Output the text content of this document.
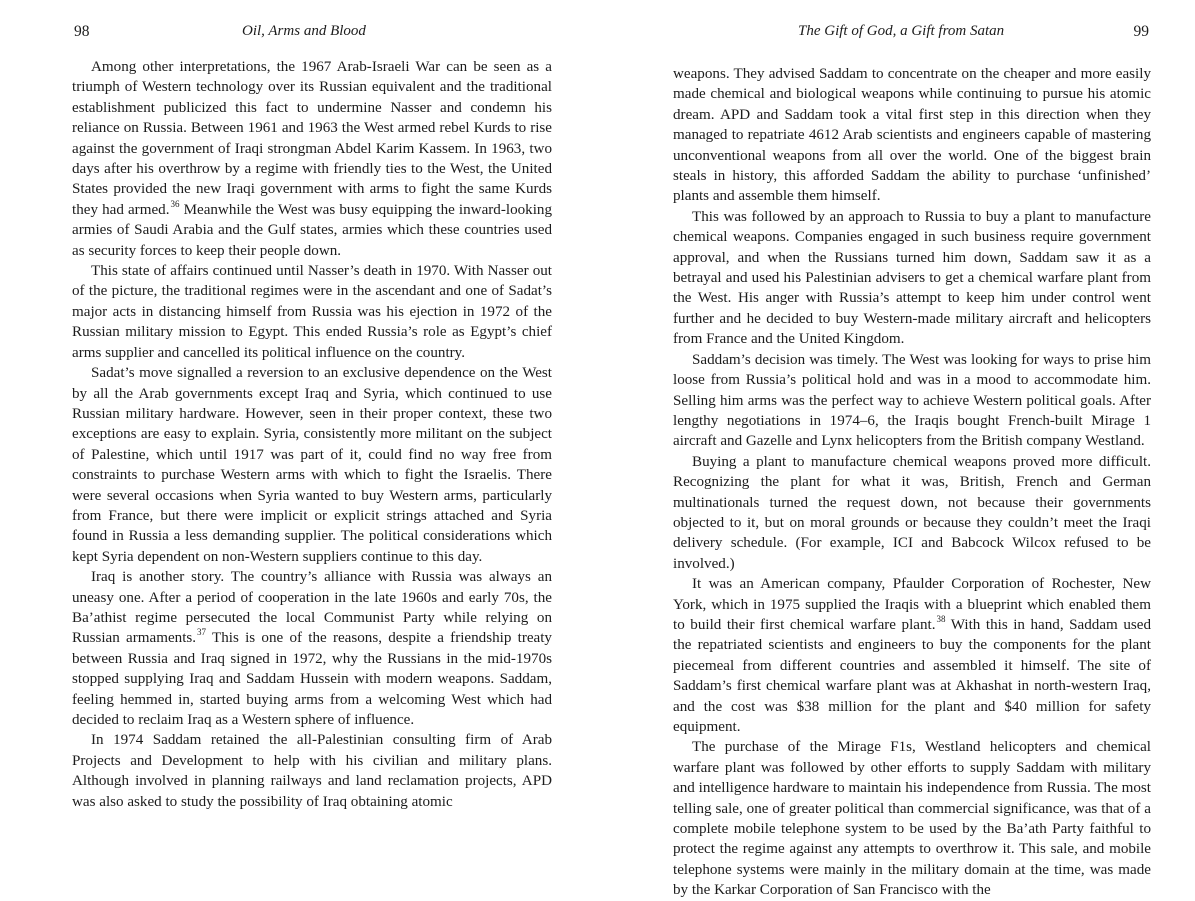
98	Oil, Arms and Blood

Among other interpretations, the 1967 Arab-Israeli War can be seen as a triumph of Western technology over its Russian equivalent and the traditional establishment publicized this fact to undermine Nasser and condemn his reliance on Russia. Between 1961 and 1963 the West armed rebel Kurds to rise against the government of Iraqi strongman Abdel Karim Kassem. In 1963, two days after his overthrow by a regime with friendly ties to the West, the United States provided the new Iraqi government with arms to fight the same Kurds they had armed.$^{36}$ Meanwhile the West was busy equipping the inward-looking armies of Saudi Arabia and the Gulf states, armies which these countries used as security forces to keep their people down.

This state of affairs continued until Nasser’s death in 1970. With Nasser out of the picture, the traditional regimes were in the ascendant and one of Sadat’s major acts in distancing himself from Russia was his ejection in 1972 of the Russian military mission to Egypt. This ended Russia’s role as Egypt’s chief arms supplier and cancelled its political influence on the country.

Sadat’s move signalled a reversion to an exclusive dependence on the West by all the Arab governments except Iraq and Syria, which continued to use Russian military hardware. However, seen in their proper context, these two exceptions are easy to explain. Syria, consistently more militant on the subject of Palestine, which until 1917 was part of it, could find no way free from constraints to purchase Western arms with which to fight the Israelis. There were several occasions when Syria wanted to buy Western arms, particularly from France, but there were implicit or explicit strings attached and Syria found in Russia a less demanding supplier. The political considerations which kept Syria dependent on non-Western suppliers continue to this day.

Iraq is another story. The country’s alliance with Russia was always an uneasy one. After a period of cooperation in the late 1960s and early 70s, the Ba’athist regime persecuted the local Communist Party while relying on Russian armaments.$^{37}$ This is one of the reasons, despite a friendship treaty between Russia and Iraq signed in 1972, why the Russians in the mid-1970s stopped supplying Iraq and Saddam Hussein with modern weapons. Saddam, feeling hemmed in, started buying arms from a welcoming West which had decided to reclaim Iraq as a Western sphere of influence.

In 1974 Saddam retained the all-Palestinian consulting firm of Arab Projects and Development to help with his civilian and military plans. Although involved in planning railways and land reclamation projects, APD was also asked to study the possibility of Iraq obtaining atomic

The Gift of God, a Gift from Satan	99

weapons. They advised Saddam to concentrate on the cheaper and more easily made chemical and biological weapons while continuing to pursue his atomic dream. APD and Saddam took a vital first step in this direction when they managed to repatriate 4612 Arab scientists and engineers capable of mastering unconventional weapons from all over the world. One of the biggest brain steals in history, this afforded Saddam the ability to purchase ‘unfinished’ plants and assemble them himself.

This was followed by an approach to Russia to buy a plant to manufacture chemical weapons. Companies engaged in such business require government approval, and when the Russians turned him down, Saddam saw it as a betrayal and used his Palestinian advisers to get a chemical warfare plant from the West. His anger with Russia’s attempt to keep him under control went further and he decided to buy Western-made military aircraft and helicopters from France and the United Kingdom.

Saddam’s decision was timely. The West was looking for ways to prise him loose from Russia’s political hold and was in a mood to accommodate him. Selling him arms was the perfect way to achieve Western political goals. After lengthy negotiations in 1974–6, the Iraqis bought French-built Mirage 1 aircraft and Gazelle and Lynx helicopters from the British company Westland.

Buying a plant to manufacture chemical weapons proved more difficult. Recognizing the plant for what it was, British, French and German multinationals turned the request down, not because their governments objected to it, but on moral grounds or because they couldn’t meet the Iraqi delivery schedule. (For example, ICI and Babcock Wilcox refused to be involved.)

It was an American company, Pfaulder Corporation of Rochester, New York, which in 1975 supplied the Iraqis with a blueprint which enabled them to build their first chemical warfare plant.$^{38}$ With this in hand, Saddam used the repatriated scientists and engineers to buy the components for the plant piecemeal from different countries and assembled it himself. The site of Saddam’s first chemical warfare plant was at Akhashat in north-western Iraq, and the cost was $38 million for the plant and $40 million for safety equipment.

The purchase of the Mirage F1s, Westland helicopters and chemical warfare plant was followed by other efforts to supply Saddam with military and intelligence hardware to maintain his independence from Russia. The most telling sale, one of greater political than commercial significance, was that of a complete mobile telephone system to be used by the Ba’ath Party faithful to protect the regime against any attempts to overthrow it. This sale, and mobile telephone systems were mainly in the military domain at the time, was made by the Karkar Corporation of San Francisco with the
